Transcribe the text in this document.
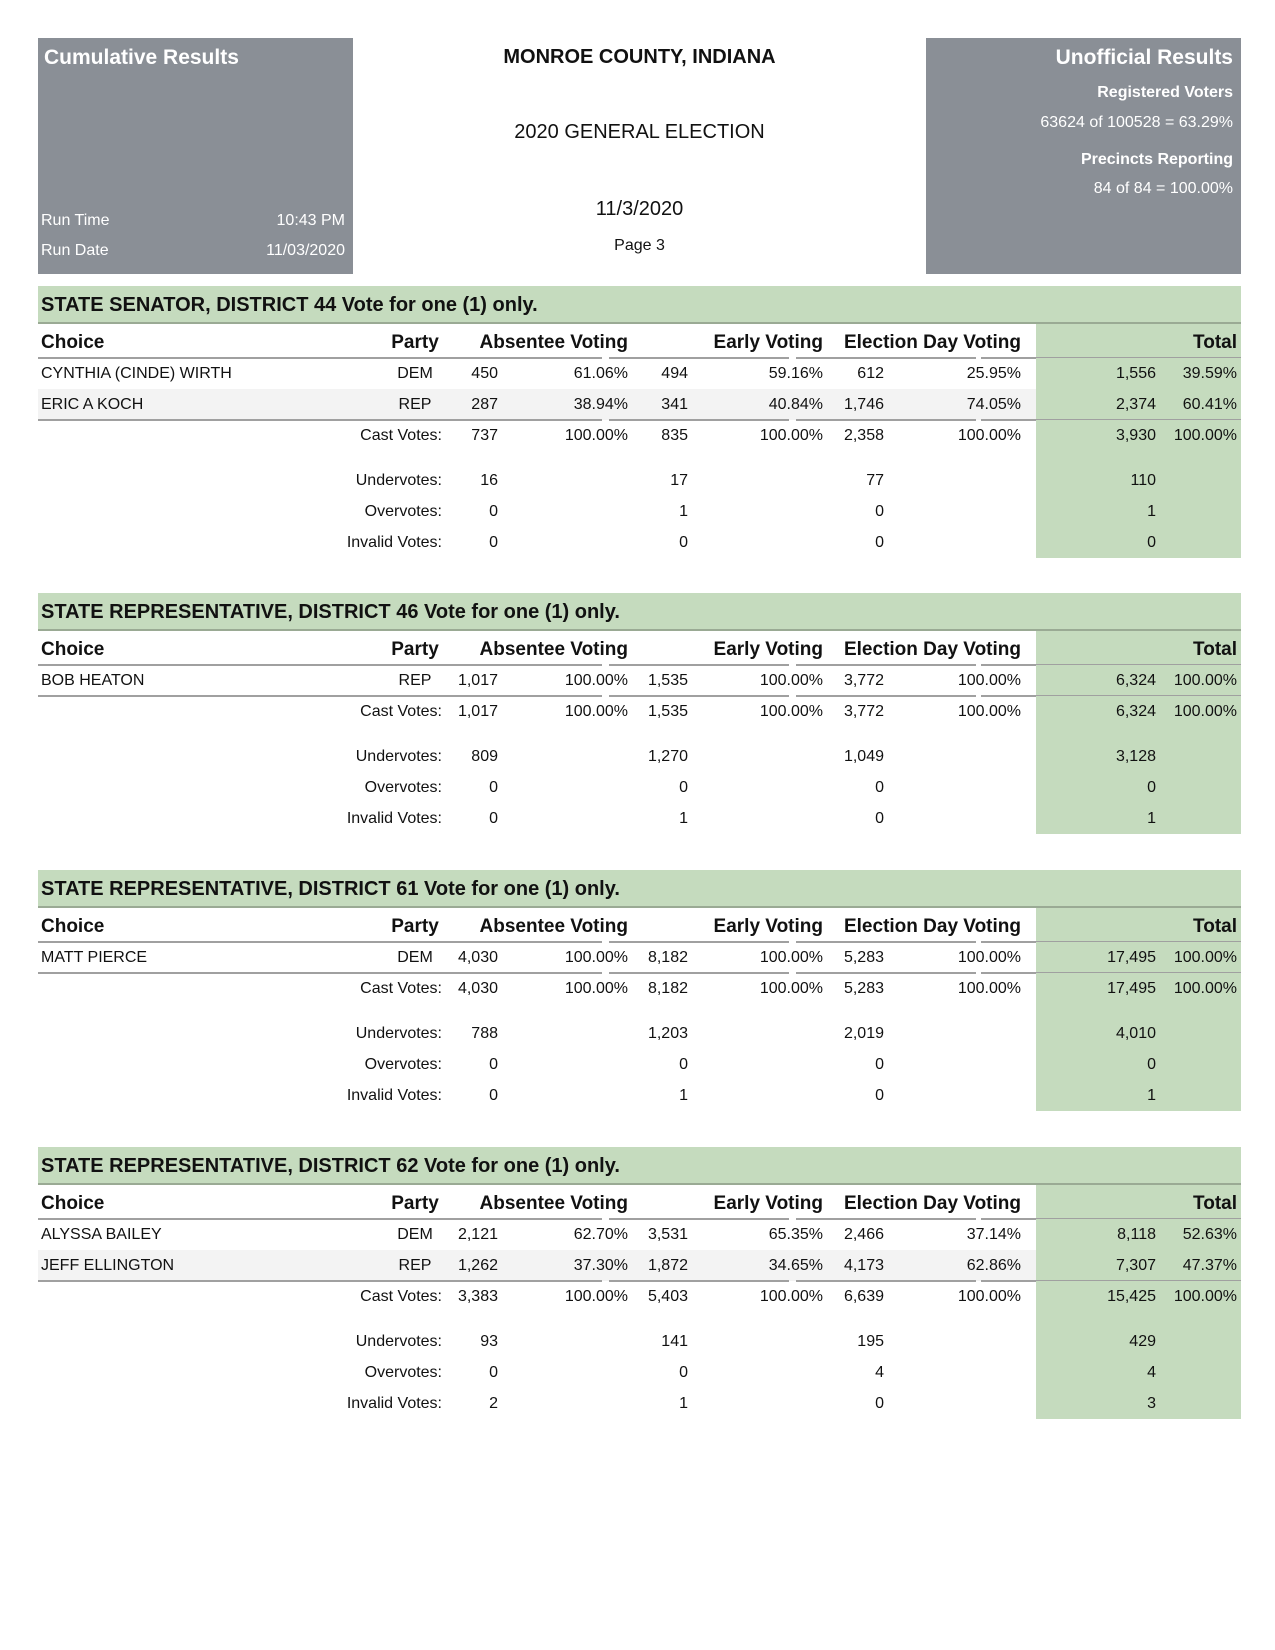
Cumulative Results
Run Time	10:43 PM
Run Date	11/03/2020
MONROE COUNTY, INDIANA
2020 GENERAL ELECTION
11/3/2020
Page 3
Unofficial Results
Registered Voters
63624 of 100528 = 63.29%
Precincts Reporting
84 of 84 = 100.00%
STATE SENATOR, DISTRICT 44 Vote for one (1) only.
Choice	Party	Absentee Voting	Early Voting Election Day Voting	Total
CYNTHIA (CINDE) WIRTH	DEM	450	61.06% 494	59.16% 612	25.95%	1,556 39.59%
ERIC A KOCH	REP	287	38.94% 341	40.84% 1,746	74.05%	2,374 60.41%
Cast Votes: 737	100.00% 835	100.00% 2,358	100.00%	3,930 100.00%
Undervotes: 16	17	77	110
Overvotes:	0	1	0	1
Invalid Votes:	0	0	0	0
STATE REPRESENTATIVE, DISTRICT 46 Vote for one (1) only.
Choice	Party	Absentee Voting	Early Voting Election Day Voting	Total
BOB HEATON	REP	1,017	100.00% 1,535	100.00% 3,772	100.00%	6,324 100.00%
Cast Votes: 1,017	100.00% 1,535	100.00% 3,772	100.00%	6,324 100.00%
Undervotes: 809	1,270	1,049	3,128
Overvotes:	0	0	0	0
Invalid Votes:	0	1	0	1
STATE REPRESENTATIVE, DISTRICT 61 Vote for one (1) only.
Choice	Party	Absentee Voting	Early Voting Election Day Voting	Total
MATT PIERCE	DEM	4,030	100.00% 8,182	100.00% 5,283	100.00%	17,495 100.00%
Cast Votes: 4,030	100.00% 8,182	100.00% 5,283	100.00%	17,495 100.00%
Undervotes: 788	1,203	2,019	4,010
Overvotes:	0	0	0	0
Invalid Votes:	0	1	0	1
STATE REPRESENTATIVE, DISTRICT 62 Vote for one (1) only.
Choice	Party	Absentee Voting	Early Voting Election Day Voting	Total
ALYSSA BAILEY	DEM	2,121	62.70% 3,531	65.35% 2,466	37.14%	8,118 52.63%
JEFF ELLINGTON	REP	1,262	37.30% 1,872	34.65% 4,173	62.86%	7,307 47.37%
Cast Votes: 3,383	100.00% 5,403	100.00% 6,639	100.00%	15,425 100.00%
Undervotes: 93	141	195	429
Overvotes:	0	0	4	4
Invalid Votes:	2	1	0	3
